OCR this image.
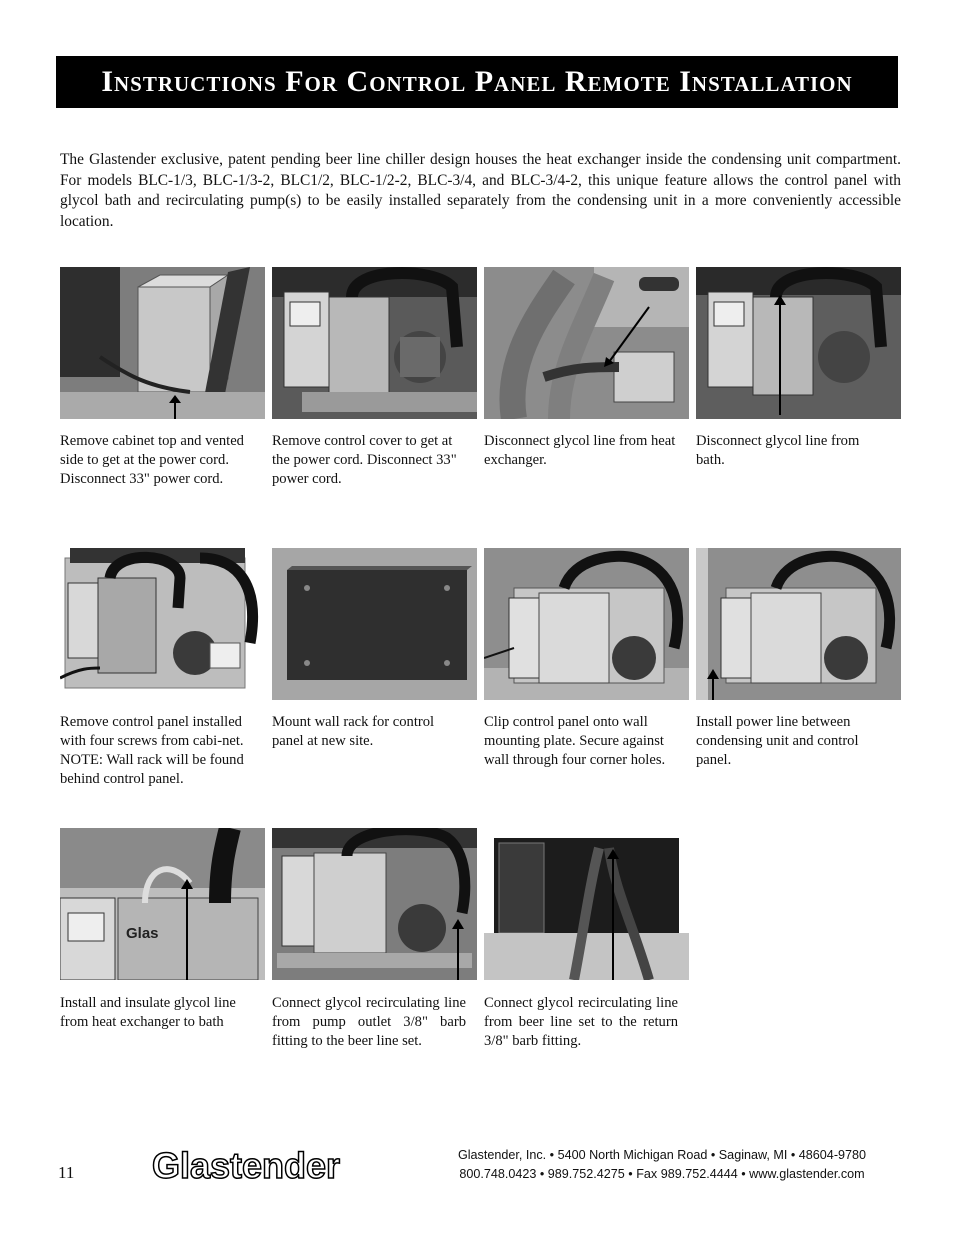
Instructions For Control Panel Remote Installation

The Glastender exclusive, patent pending beer line chiller design houses the heat exchanger inside the condensing unit compartment. For models BLC-1/3, BLC-1/3-2, BLC1/2, BLC-1/2-2, BLC-3/4, and BLC-3/4-2, this unique feature allows the control panel with glycol bath and recirculating pump(s) to be easily installed separately from the condensing unit in a more conveniently accessible location.

Remove cabinet top and vented side to get at the power cord. Disconnect 33" power cord.

Remove control cover to get at the power cord. Disconnect 33" power cord.

Disconnect glycol line from heat exchanger.

Disconnect glycol line from bath.

Remove control panel installed with four screws from cabi-net. NOTE: Wall rack will be found behind control panel.

Mount wall rack for control panel at new site.

Clip control panel onto wall mounting plate. Secure against wall through four corner holes.

Install power line between condensing unit and control panel.

Glas

Install and insulate glycol line from heat exchanger to bath

Connect glycol recirculating line from pump outlet 3/8" barb fitting to the beer line set.

Connect glycol recirculating line from beer line set to the return 3/8" barb fitting.

11 Glastender	Glastender, Inc. • 5400 North Michigan Road • Saginaw, MI • 48604-9780
800.748.0423 • 989.752.4275 • Fax 989.752.4444 • www.glastender.com
